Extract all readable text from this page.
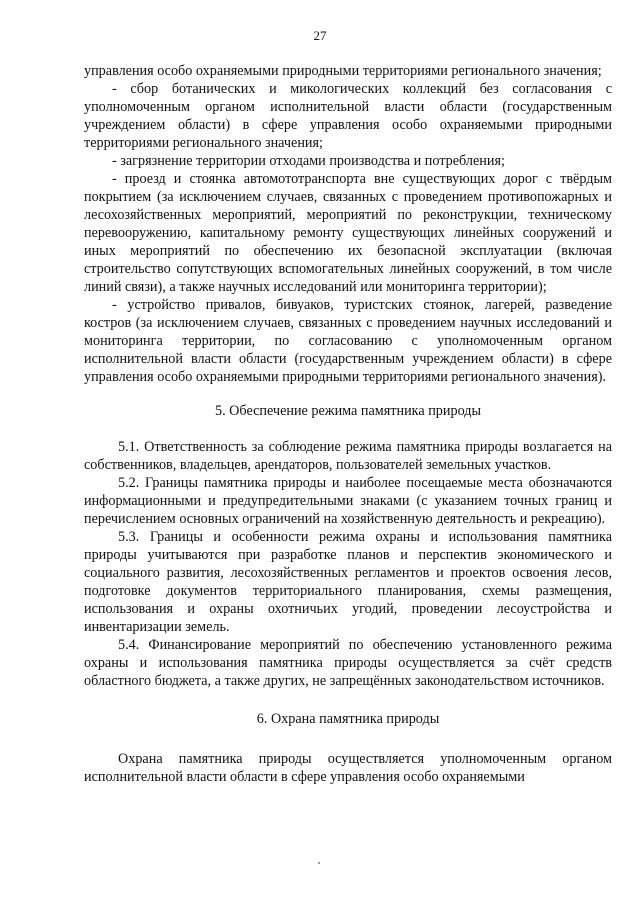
27

управления особо охраняемыми природными территориями регионального значения;

- сбор ботанических и микологических коллекций без согласования с уполномоченным органом исполнительной власти области (государственным учреждением области) в сфере управления особо охраняемыми природными территориями регионального значения;

- загрязнение территории отходами производства и потребления;

- проезд и стоянка автомототранспорта вне существующих дорог с твёрдым покрытием (за исключением случаев, связанных с проведением противопожарных и лесохозяйственных мероприятий, мероприятий по реконструкции, техническому перевооружению, капитальному ремонту существующих линейных сооружений и иных мероприятий по обеспечению их безопасной эксплуатации (включая строительство сопутствующих вспомогательных линейных сооружений, в том числе линий связи), а также научных исследований или мониторинга территории);

- устройство привалов, бивуаков, туристских стоянок, лагерей, разведение костров (за исключением случаев, связанных с проведением научных исследований и мониторинга территории, по согласованию с уполномоченным органом исполнительной власти области (государственным учреждением области) в сфере управления особо охраняемыми природными территориями регионального значения).

5. Обеспечение режима памятника природы

5.1. Ответственность за соблюдение режима памятника природы возлагается на собственников, владельцев, арендаторов, пользователей земельных участков.

5.2. Границы памятника природы и наиболее посещаемые места обозначаются информационными и предупредительными знаками (с указанием точных границ и перечислением основных ограничений на хозяйственную деятельность и рекреацию).

5.3. Границы и особенности режима охраны и использования памятника природы учитываются при разработке планов и перспектив экономического и социального развития, лесохозяйственных регламентов и проектов освоения лесов, подготовке документов территориального планирования, схемы размещения, использования и охраны охотничьих угодий, проведении лесоустройства и инвентаризации земель.

5.4. Финансирование мероприятий по обеспечению установленного режима охраны и использования памятника природы осуществляется за счёт средств областного бюджета, а также других, не запрещённых законодательством источников.

6. Охрана памятника природы

Охрана памятника природы осуществляется уполномоченным органом исполнительной власти области в сфере управления особо охраняемыми
